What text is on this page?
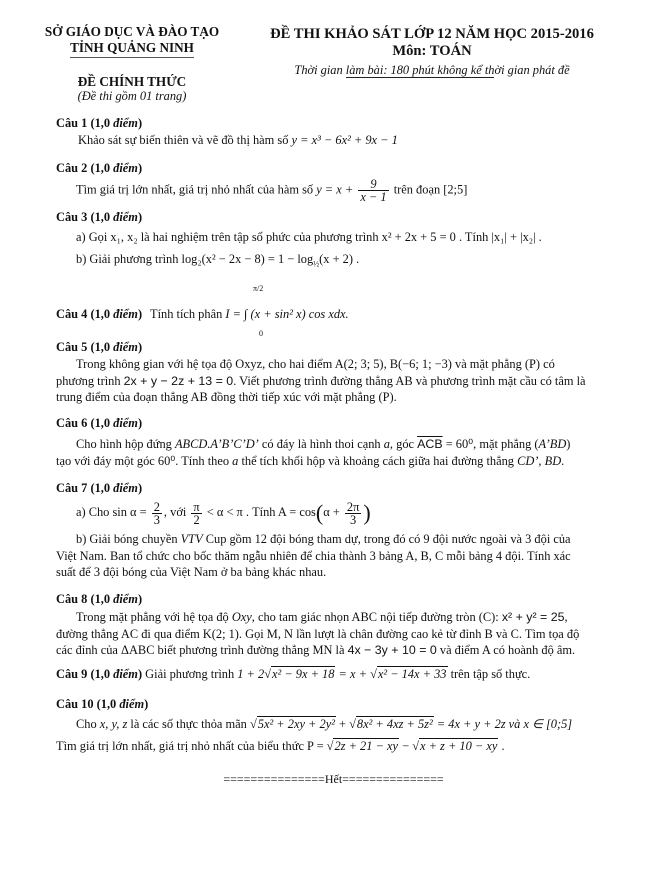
SỞ GIÁO DỤC VÀ ĐÀO TẠO
TỈNH QUẢNG NINH
ĐỀ CHÍNH THỨC
(Đề thi gồm 01 trang)
ĐỀ THI KHẢO SÁT LỚP 12 NĂM HỌC 2015-2016
Môn: TOÁN
Thời gian làm bài: 180 phút không kể thời gian phát đề
Câu 1 (1,0 điểm)
Khảo sát sự biến thiên và vẽ đồ thị hàm số y = x³ − 6x² + 9x − 1
Câu 2 (1,0 điểm)
Tìm giá trị lớn nhất, giá trị nhỏ nhất của hàm số $y = x + \frac{9}{x - 1}$ trên đoạn [2;5]
Câu 3 (1,0 điểm)
a) Gọi x₁, x₂ là hai nghiệm trên tập số phức của phương trình x² + 2x + 5 = 0 . Tính |x₁| + |x₂| .
b) Giải phương trình $\log_2(x^2 - 2x - 8) = 1 - \log_{\frac{1}{2}}(x + 2)$ .
Câu 4 (1,0 điểm) Tính tích phân I = ∫ (x + sin² x) cos xdx.
π/2
0
Câu 5 (1,0 điểm)
Trong không gian với hệ tọa độ Oxyz, cho hai điểm A(2; 3; 5), B(−6; 1; −3) và mặt phẳng (P) có
phương trình 2x + y − 2z + 13 = 0. Viết phương trình đường thẳng AB và phương trình mặt cầu có tâm là
trung điểm của đoạn thẳng AB đồng thời tiếp xúc với mặt phẳng (P).
Câu 6 (1,0 điểm)
Cho hình hộp đứng ABCD.A’B’C’D’ có đáy là hình thoi cạnh a, góc $\overline{ACB} = 60^0$, mặt phẳng (A’BD)
tạo với đáy một góc 60⁰. Tính theo a thể tích khối hộp và khoảng cách giữa hai đường thẳng CD’, BD.
Câu 7 (1,0 điểm)
a) Cho $\sin \alpha = \frac{2}{3}$ , với $\frac{\pi}{2} < \alpha < \pi$ . Tính $A = \cos(\alpha + \frac{2\pi}{3}$ )
b) Giải bóng chuyền VTV Cup gồm 12 đội bóng tham dự, trong đó có 9 đội nước ngoài và 3 đội của
Việt Nam. Ban tổ chức cho bốc thăm ngẫu nhiên để chia thành 3 bảng A, B, C mỗi bảng 4 đội. Tính xác
suất để 3 đội bóng của Việt Nam ở ba bảng khác nhau.
Câu 8 (1,0 điểm)
Trong mặt phẳng với hệ tọa độ Oxy, cho tam giác nhọn ABC nội tiếp đường tròn (C): x² + y² = 25,
đường thẳng AC đi qua điểm K(2; 1). Gọi M, N lần lượt là chân đường cao kẻ từ đỉnh B và C. Tìm tọa độ
các đỉnh của ΔABC biết phương trình đường thẳng MN là 4x − 3y + 10 = 0 và điểm A có hoành độ âm.
Câu 9 (1,0 điểm) Giải phương trình 1 + 2√x² − 9x + 18 = x + √x² − 14x + 33 trên tập số thực.
Câu 10 (1,0 điểm)
Cho x, y, z là các số thực thỏa mãn √5x² + 2xy + 2y² + √8x² + 4xz + 5z² = 4x + y + 2z và x ∈ [0;5]
Tìm giá trị lớn nhất, giá trị nhỏ nhất của biểu thức P = √2z + 21 − xy − √x + z + 10 − xy .
===============Hết===============
